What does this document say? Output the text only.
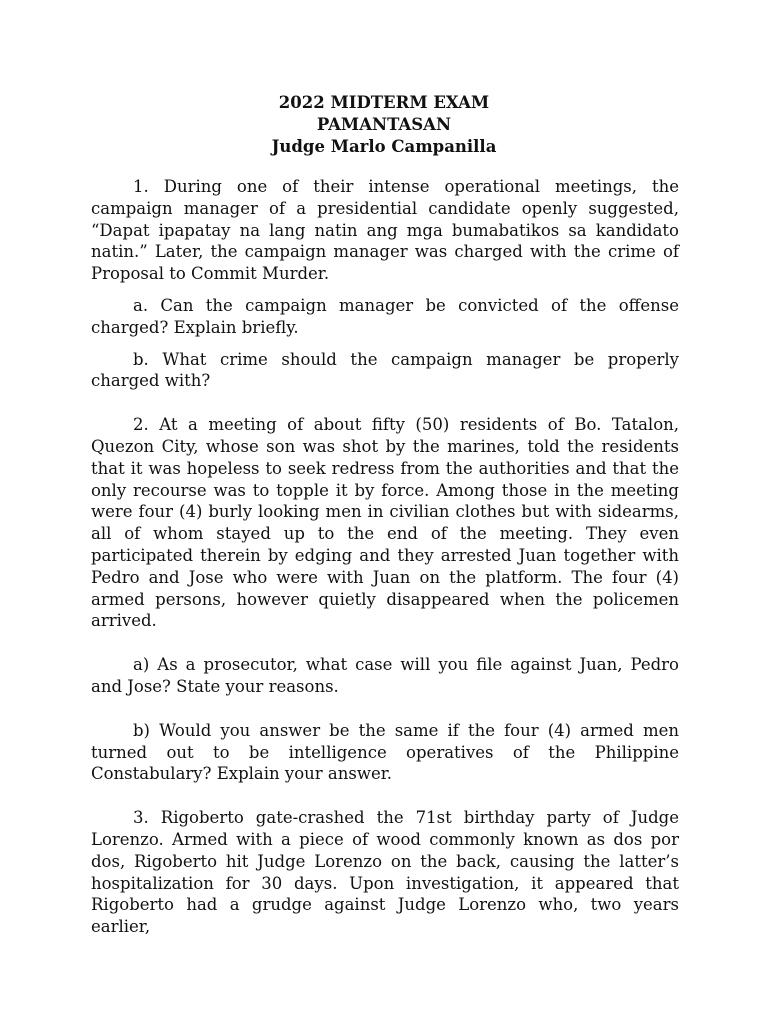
2022 MIDTERM EXAM
PAMANTASAN
Judge Marlo Campanilla

1. During one of their intense operational meetings, the campaign manager of a presidential candidate openly suggested, “Dapat ipapatay na lang natin ang mga bumabatikos sa kandidato natin.” Later, the campaign manager was charged with the crime of Proposal to Commit Murder.

a. Can the campaign manager be convicted of the offense charged? Explain briefly.

b. What crime should the campaign manager be properly charged with?

2. At a meeting of about fifty (50) residents of Bo. Tatalon, Quezon City, whose son was shot by the marines, told the residents that it was hopeless to seek redress from the authorities and that the only recourse was to topple it by force. Among those in the meeting were four (4) burly looking men in civilian clothes but with sidearms, all of whom stayed up to the end of the meeting. They even participated therein by edging and they arrested Juan together with Pedro and Jose who were with Juan on the platform. The four (4) armed persons, however quietly disappeared when the policemen arrived.

a) As a prosecutor, what case will you file against Juan, Pedro and Jose? State your reasons.

b) Would you answer be the same if the four (4) armed men turned out to be intelligence operatives of the Philippine Constabulary? Explain your answer.

3. Rigoberto gate-crashed the 71st birthday party of Judge Lorenzo. Armed with a piece of wood commonly known as dos por dos, Rigoberto hit Judge Lorenzo on the back, causing the latter’s hospitalization for 30 days. Upon investigation, it appeared that Rigoberto had a grudge against Judge Lorenzo who, two years earlier,
